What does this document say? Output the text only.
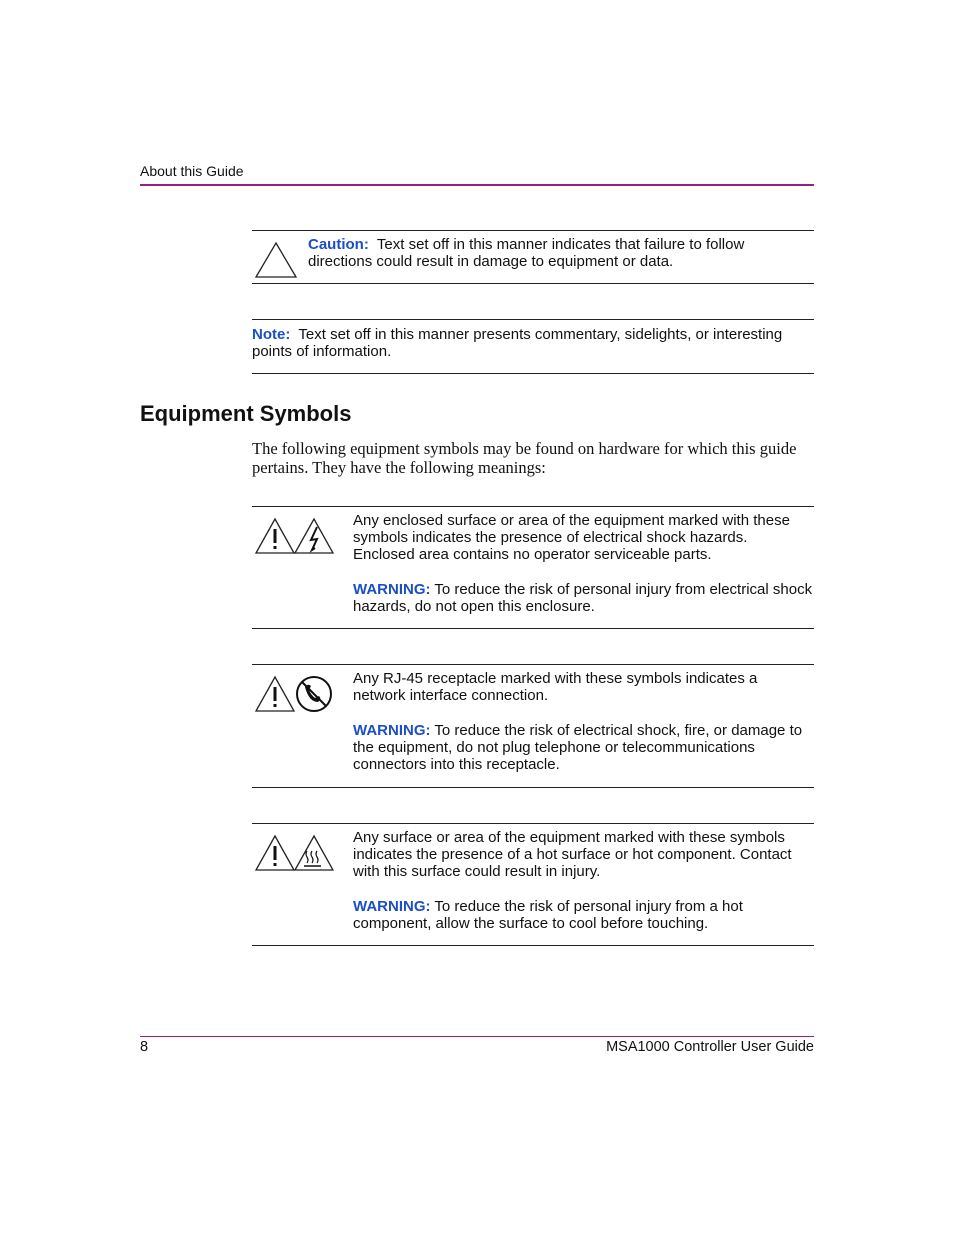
About this Guide
Caution: Text set off in this manner indicates that failure to follow directions could result in damage to equipment or data.
Note: Text set off in this manner presents commentary, sidelights, or interesting points of information.
Equipment Symbols
The following equipment symbols may be found on hardware for which this guide pertains. They have the following meanings:
Any enclosed surface or area of the equipment marked with these symbols indicates the presence of electrical shock hazards. Enclosed area contains no operator serviceable parts.
WARNING: To reduce the risk of personal injury from electrical shock hazards, do not open this enclosure.
Any RJ-45 receptacle marked with these symbols indicates a network interface connection.
WARNING: To reduce the risk of electrical shock, fire, or damage to the equipment, do not plug telephone or telecommunications connectors into this receptacle.
Any surface or area of the equipment marked with these symbols indicates the presence of a hot surface or hot component. Contact with this surface could result in injury.
WARNING: To reduce the risk of personal injury from a hot component, allow the surface to cool before touching.
8	MSA1000 Controller User Guide
